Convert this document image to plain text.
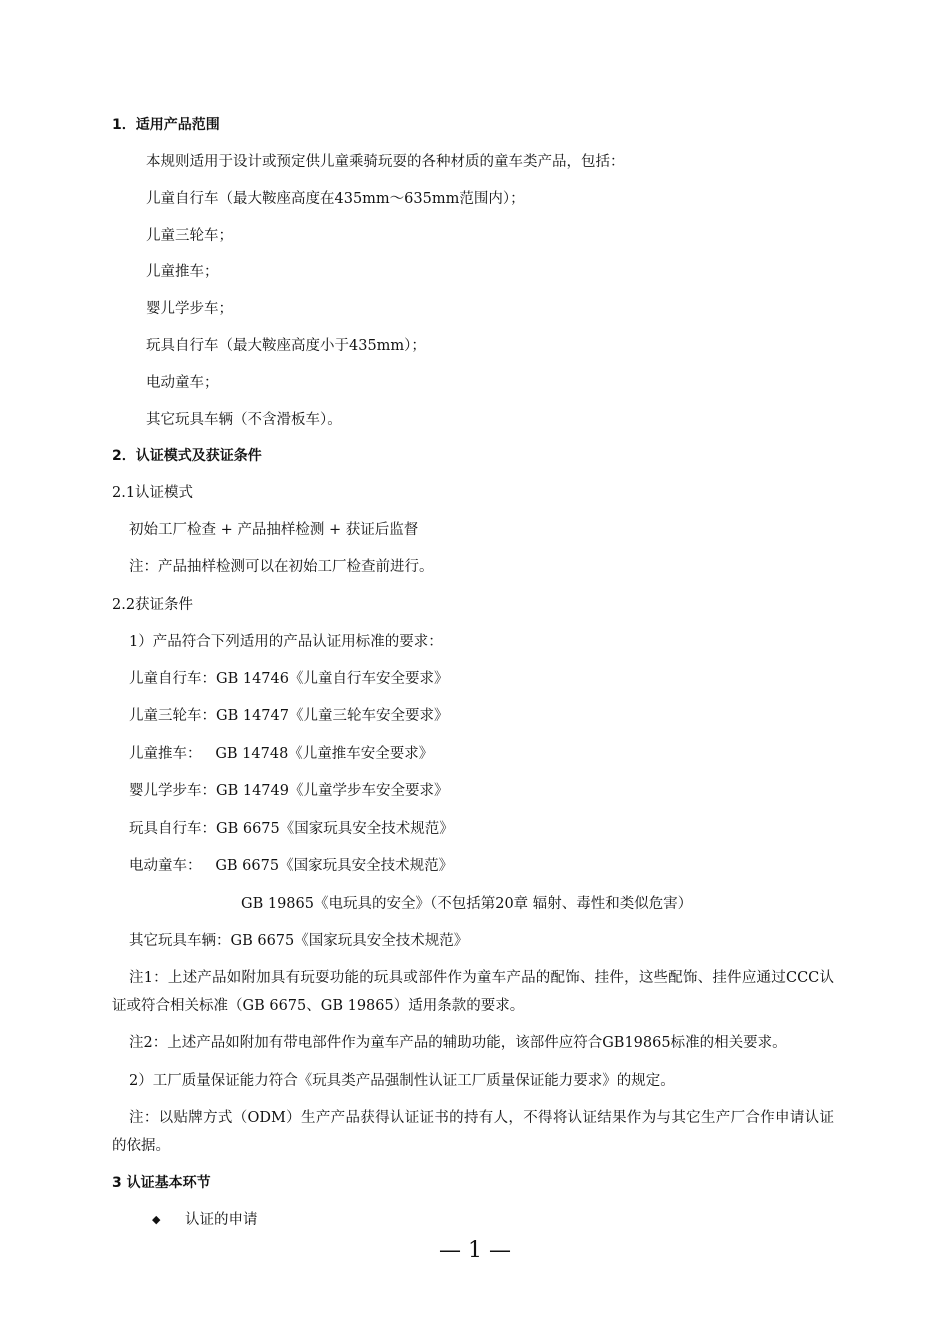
1．适用产品范围
本规则适用于设计或预定供儿童乘骑玩耍的各种材质的童车类产品，包括：
儿童自行车（最大鞍座高度在435mm～635mm范围内）；
儿童三轮车；
儿童推车；
婴儿学步车；
玩具自行车（最大鞍座高度小于435mm）；
电动童车；
其它玩具车辆（不含滑板车）。
2．认证模式及获证条件
2.1认证模式
初始工厂检查 + 产品抽样检测 + 获证后监督
注：产品抽样检测可以在初始工厂检查前进行。
2.2获证条件
1）产品符合下列适用的产品认证用标准的要求：
儿童自行车：GB 14746《儿童自行车安全要求》
儿童三轮车：GB 14747《儿童三轮车安全要求》
儿童推车：   GB 14748《儿童推车安全要求》
婴儿学步车：GB 14749《儿童学步车安全要求》
玩具自行车：GB 6675《国家玩具安全技术规范》
电动童车：   GB 6675《国家玩具安全技术规范》
GB 19865《电玩具的安全》（不包括第20章 辐射、毒性和类似危害）
其它玩具车辆：GB 6675《国家玩具安全技术规范》
注1：上述产品如附加具有玩耍功能的玩具或部件作为童车产品的配饰、挂件，这些配饰、挂件应通过CCC认证或符合相关标准（GB 6675、GB 19865）适用条款的要求。
注2：上述产品如附加有带电部件作为童车产品的辅助功能，该部件应符合GB19865标准的相关要求。
2）工厂质量保证能力符合《玩具类产品强制性认证工厂质量保证能力要求》的规定。
注：以贴牌方式（ODM）生产产品获得认证证书的持有人，不得将认证结果作为与其它生产厂合作申请认证的依据。
3 认证基本环节
◆ 认证的申请
— 1 —
